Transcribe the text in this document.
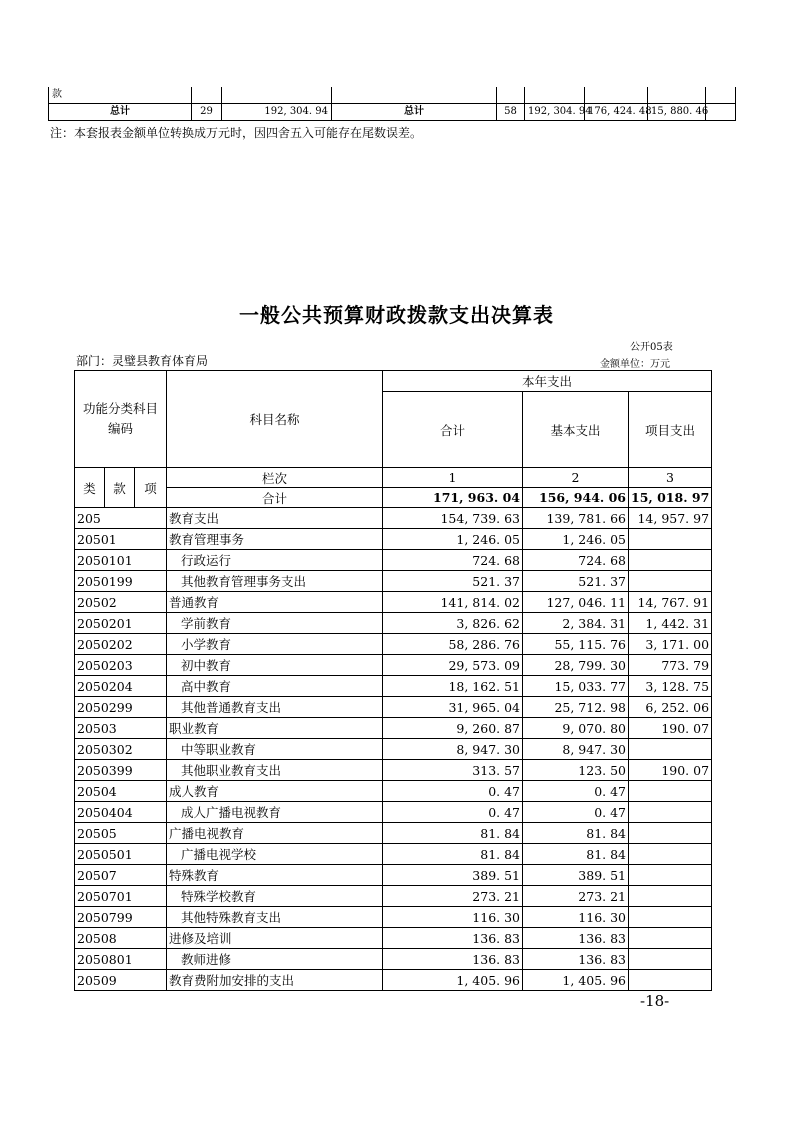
款								
总计	29	192, 304. 94	总计	58	192, 304. 94	176, 424. 48	15, 880. 46	
注：本套报表金额单位转换成万元时，因四舍五入可能存在尾数误差。
一般公共预算财政拨款支出决算表
公开05表
部门：灵璧县教育体育局	金额单位：万元
功能分类科目编码			科目名称	本年支出		
				合计	基本支出	项目支出

类	款	项	栏次	1	2	3
			合计	171, 963. 04	156, 944. 06	15, 018. 97
205			教育支出	154, 739. 63	139, 781. 66	14, 957. 97
20501			教育管理事务	1, 246. 05	1, 246. 05	
2050101			行政运行	724. 68	724. 68	
2050199			其他教育管理事务支出	521. 37	521. 37	
20502			普通教育	141, 814. 02	127, 046. 11	14, 767. 91
2050201			学前教育	3, 826. 62	2, 384. 31	1, 442. 31
2050202			小学教育	58, 286. 76	55, 115. 76	3, 171. 00
2050203			初中教育	29, 573. 09	28, 799. 30	773. 79
2050204			高中教育	18, 162. 51	15, 033. 77	3, 128. 75
2050299			其他普通教育支出	31, 965. 04	25, 712. 98	6, 252. 06
20503			职业教育	9, 260. 87	9, 070. 80	190. 07
2050302			中等职业教育	8, 947. 30	8, 947. 30	
2050399			其他职业教育支出	313. 57	123. 50	190. 07
20504			成人教育	0. 47	0. 47	
2050404			成人广播电视教育	0. 47	0. 47	
20505			广播电视教育	81. 84	81. 84	
2050501			广播电视学校	81. 84	81. 84	
20507			特殊教育	389. 51	389. 51	
2050701			特殊学校教育	273. 21	273. 21	
2050799			其他特殊教育支出	116. 30	116. 30	
20508			进修及培训	136. 83	136. 83	
2050801			教师进修	136. 83	136. 83	
20509			教育费附加安排的支出	1, 405. 96	1, 405. 96	
-18-
